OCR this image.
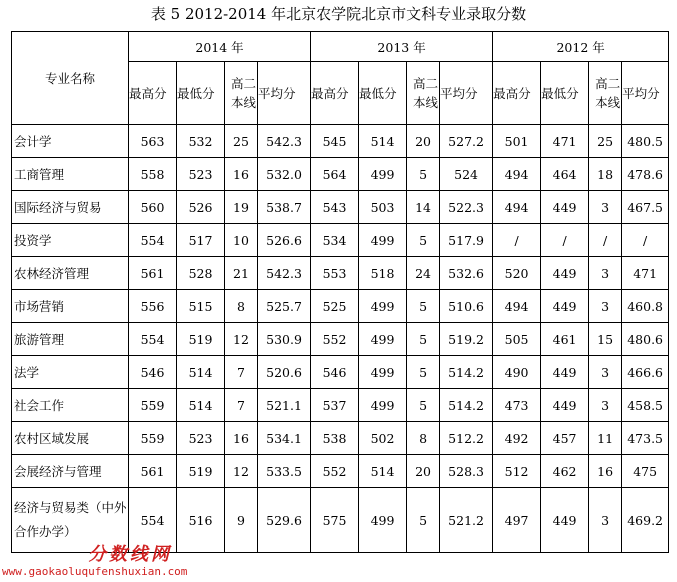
表 5 2012-2014 年北京农学院北京市文科专业录取分数
专业名称	2014 年				2013 年				2012 年			
	最高分	最低分	高二本线	平均分	最高分	最低分	高二本线	平均分	最高分	最低分	高二本线	平均分
会计学	563	532	25	542.3	545	514	20	527.2	501	471	25	480.5
工商管理	558	523	16	532.0	564	499	5	524	494	464	18	478.6
国际经济与贸易	560	526	19	538.7	543	503	14	522.3	494	449	3	467.5
投资学	554	517	10	526.6	534	499	5	517.9	/	/	/	/
农林经济管理	561	528	21	542.3	553	518	24	532.6	520	449	3	471
市场营销	556	515	8	525.7	525	499	5	510.6	494	449	3	460.8
旅游管理	554	519	12	530.9	552	499	5	519.2	505	461	15	480.6
法学	546	514	7	520.6	546	499	5	514.2	490	449	3	466.6
社会工作	559	514	7	521.1	537	499	5	514.2	473	449	3	458.5
农村区域发展	559	523	16	534.1	538	502	8	512.2	492	457	11	473.5
会展经济与管理	561	519	12	533.5	552	514	20	528.3	512	462	16	475
经济与贸易类（中外合作办学）	554	516	9	529.6	575	499	5	521.2	497	449	3	469.2
分数线网
www.gaokaoluqufenshuxian.com
